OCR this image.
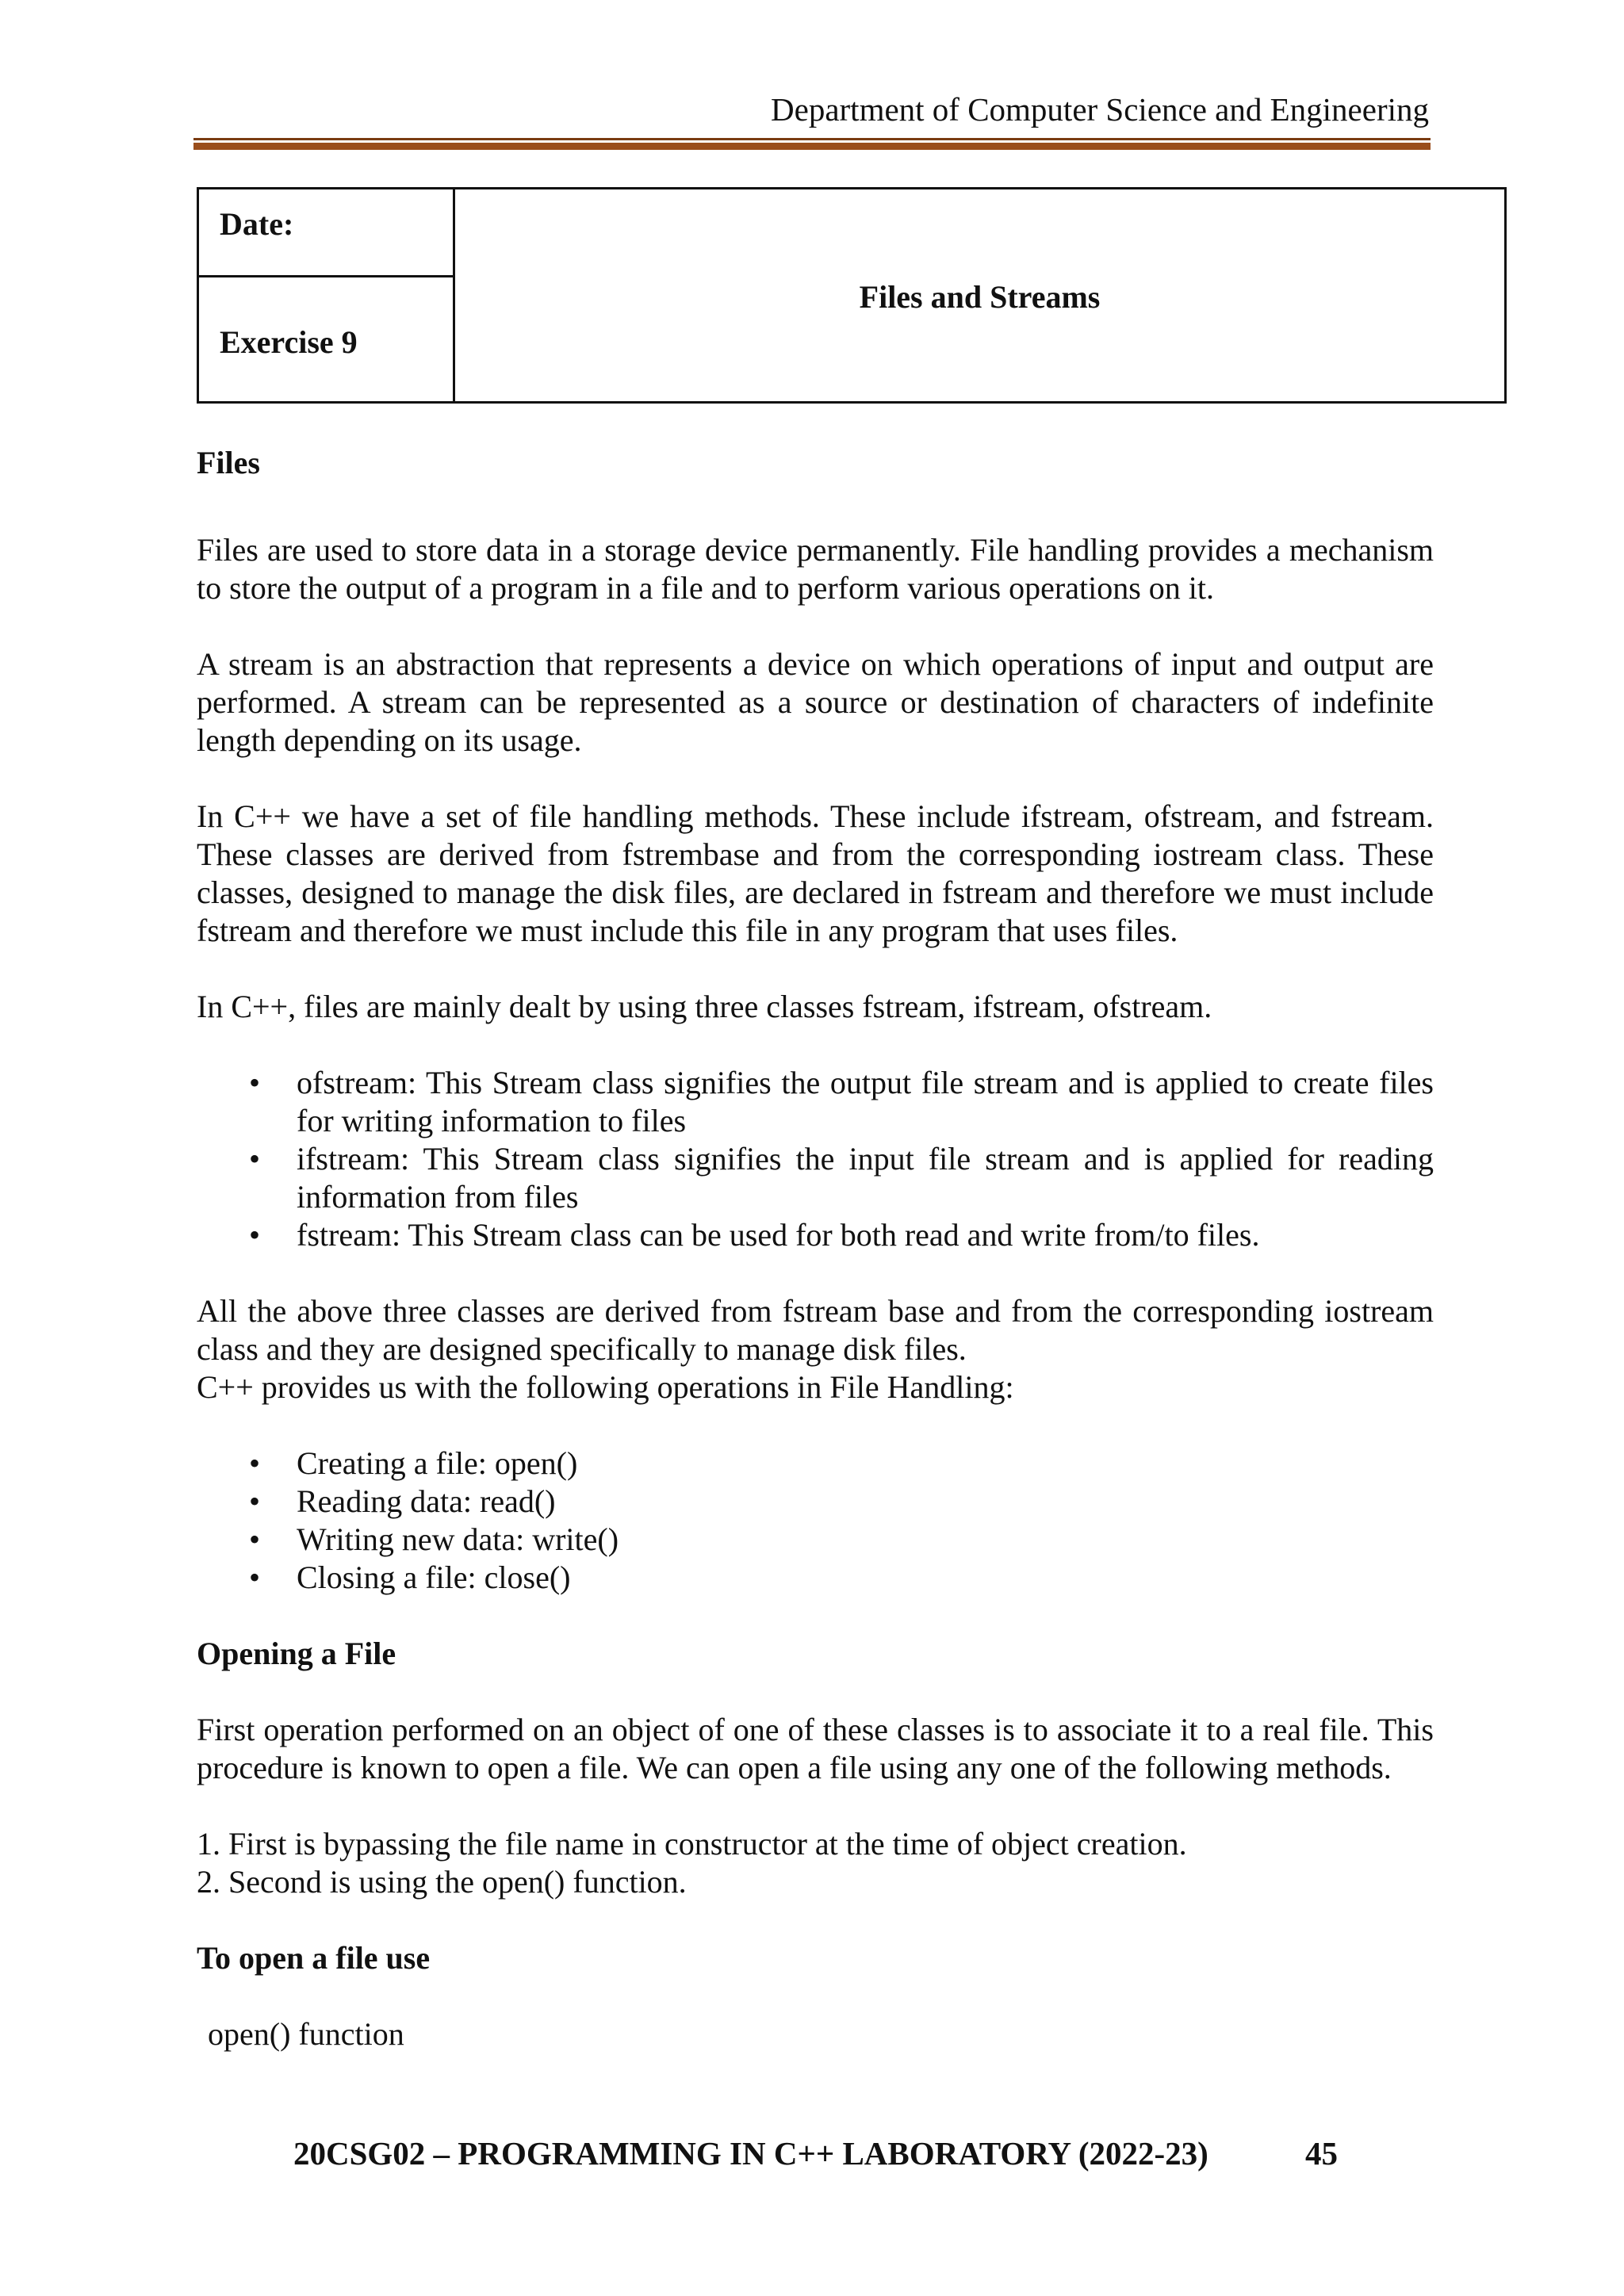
Department of Computer Science and Engineering
Date:
	Files and Streams

Exercise 9

Files

Files are used to store data in a storage device permanently. File handling provides a mechanism to store the output of a program in a file and to perform various operations on it.

A stream is an abstraction that represents a device on which operations of input and output are performed. A stream can be represented as a source or destination of characters of indefinite length depending on its usage.

In C++ we have a set of file handling methods. These include ifstream, ofstream, and fstream. These classes are derived from fstrembase and from the corresponding iostream class. These classes, designed to manage the disk files, are declared in fstream and therefore we must include fstream and therefore we must include this file in any program that uses files.

In C++, files are mainly dealt by using three classes fstream, ifstream, ofstream.

• ofstream: This Stream class signifies the output file stream and is applied to create files for writing information to files
• ifstream: This Stream class signifies the input file stream and is applied for reading information from files
• fstream: This Stream class can be used for both read and write from/to files.

All the above three classes are derived from fstream base and from the corresponding iostream class and they are designed specifically to manage disk files.

C++ provides us with the following operations in File Handling:

• Creating a file: open()
• Reading data: read()
• Writing new data: write()
• Closing a file: close()

Opening a File

First operation performed on an object of one of these classes is to associate it to a real file. This procedure is known to open a file. We can open a file using any one of the following methods.

1. First is bypassing the file name in constructor at the time of object creation.

2. Second is using the open() function.

To open a file use

open() function

20CSG02 – PROGRAMMING IN C++ LABORATORY (2022-23)	45
